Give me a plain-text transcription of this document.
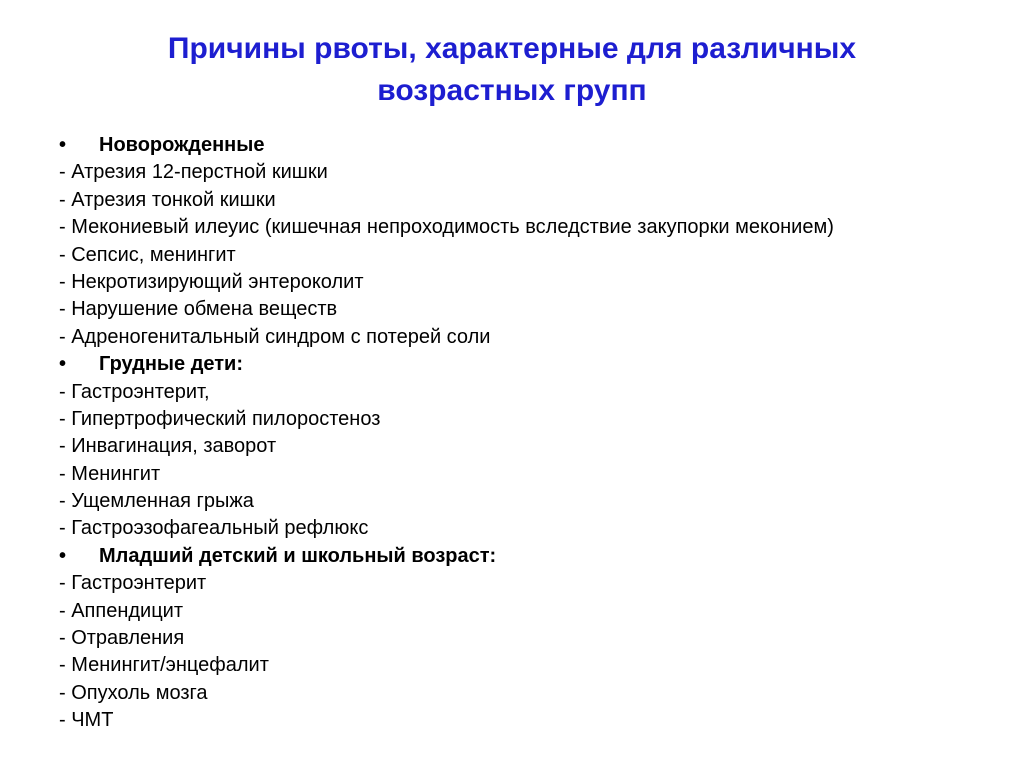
Причины рвоты, характерные для различных
возрастных групп
• Новорожденные
- Атрезия 12-перстной кишки
- Атрезия тонкой кишки
- Мекониевый илеуис (кишечная непроходимость вследствие закупорки меконием)
- Сепсис, менингит
- Некротизирующий энтероколит
- Нарушение обмена веществ
- Адреногенитальный синдром с потерей соли
• Грудные дети:
- Гастроэнтерит,
- Гипертрофический пилоростеноз
- Инвагинация, заворот
- Менингит
- Ущемленная грыжа
- Гастроэзофагеальный рефлюкс
• Младший детский и школьный возраст:
- Гастроэнтерит
- Аппендицит
- Отравления
- Менингит/энцефалит
- Опухоль мозга
- ЧМТ
